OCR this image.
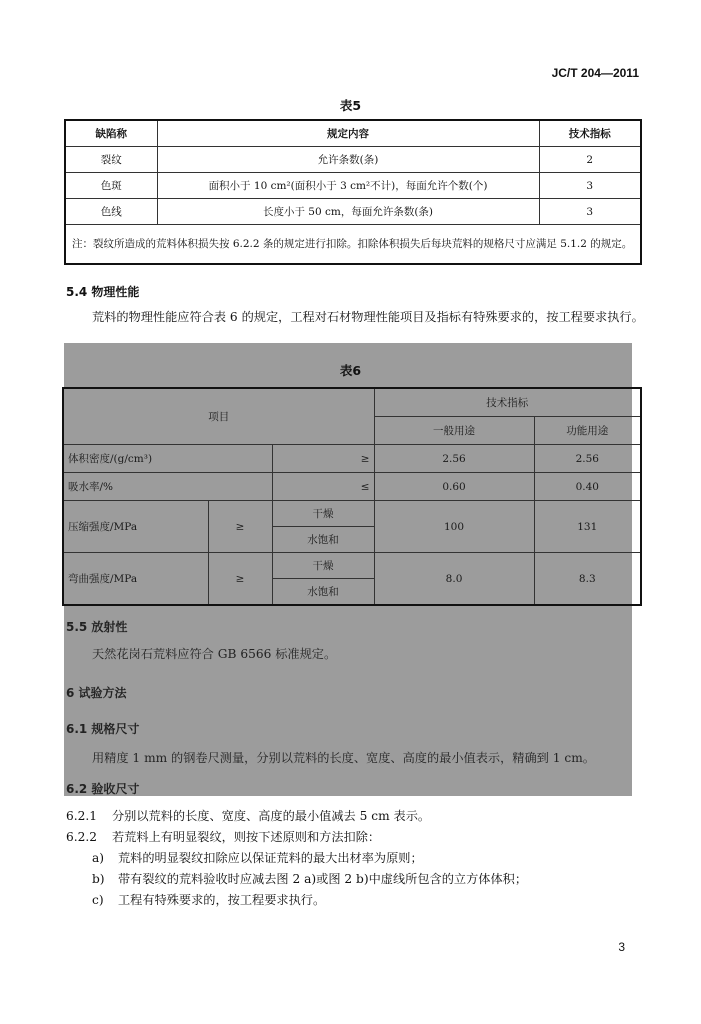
JC/T 204—2011
表5
缺陷称	规定内容	技术指标
裂纹	允许条数(条)	2
色斑	面积小于 10 cm²(面积小于 3 cm²不计)，每面允许个数(个)	3
色线	长度小于 50 cm，每面允许条数(条)	3
注：裂纹所造成的荒料体积损失按 6.2.2 条的规定进行扣除。扣除体积损失后每块荒料的规格尺寸应满足 5.1.2 的规定。		
5.4 物理性能
荒料的物理性能应符合表 6 的规定，工程对石材物理性能项目及指标有特殊要求的，按工程要求执行。
表6
项目			技术指标	
			一般用途	功能用途
体积密度/(g/cm³)		≥	2.56	2.56
吸水率/%		≤	0.60	0.40
压缩强度/MPa	≥	干燥	100	131
		水饱和		
弯曲强度/MPa	≥	干燥	8.0	8.3
		水饱和		
5.5 放射性
天然花岗石荒料应符合 GB 6566 标准规定。
6 试验方法
6.1 规格尺寸
用精度 1 mm 的钢卷尺测量，分别以荒料的长度、宽度、高度的最小值表示，精确到 1 cm。
6.2 验收尺寸
6.2.1 分别以荒料的长度、宽度、高度的最小值减去 5 cm 表示。
6.2.2 若荒料上有明显裂纹，则按下述原则和方法扣除：
a) 荒料的明显裂纹扣除应以保证荒料的最大出材率为原则；
b) 带有裂纹的荒料验收时应减去图 2 a)或图 2 b)中虚线所包含的立方体体积；
c) 工程有特殊要求的，按工程要求执行。
3
